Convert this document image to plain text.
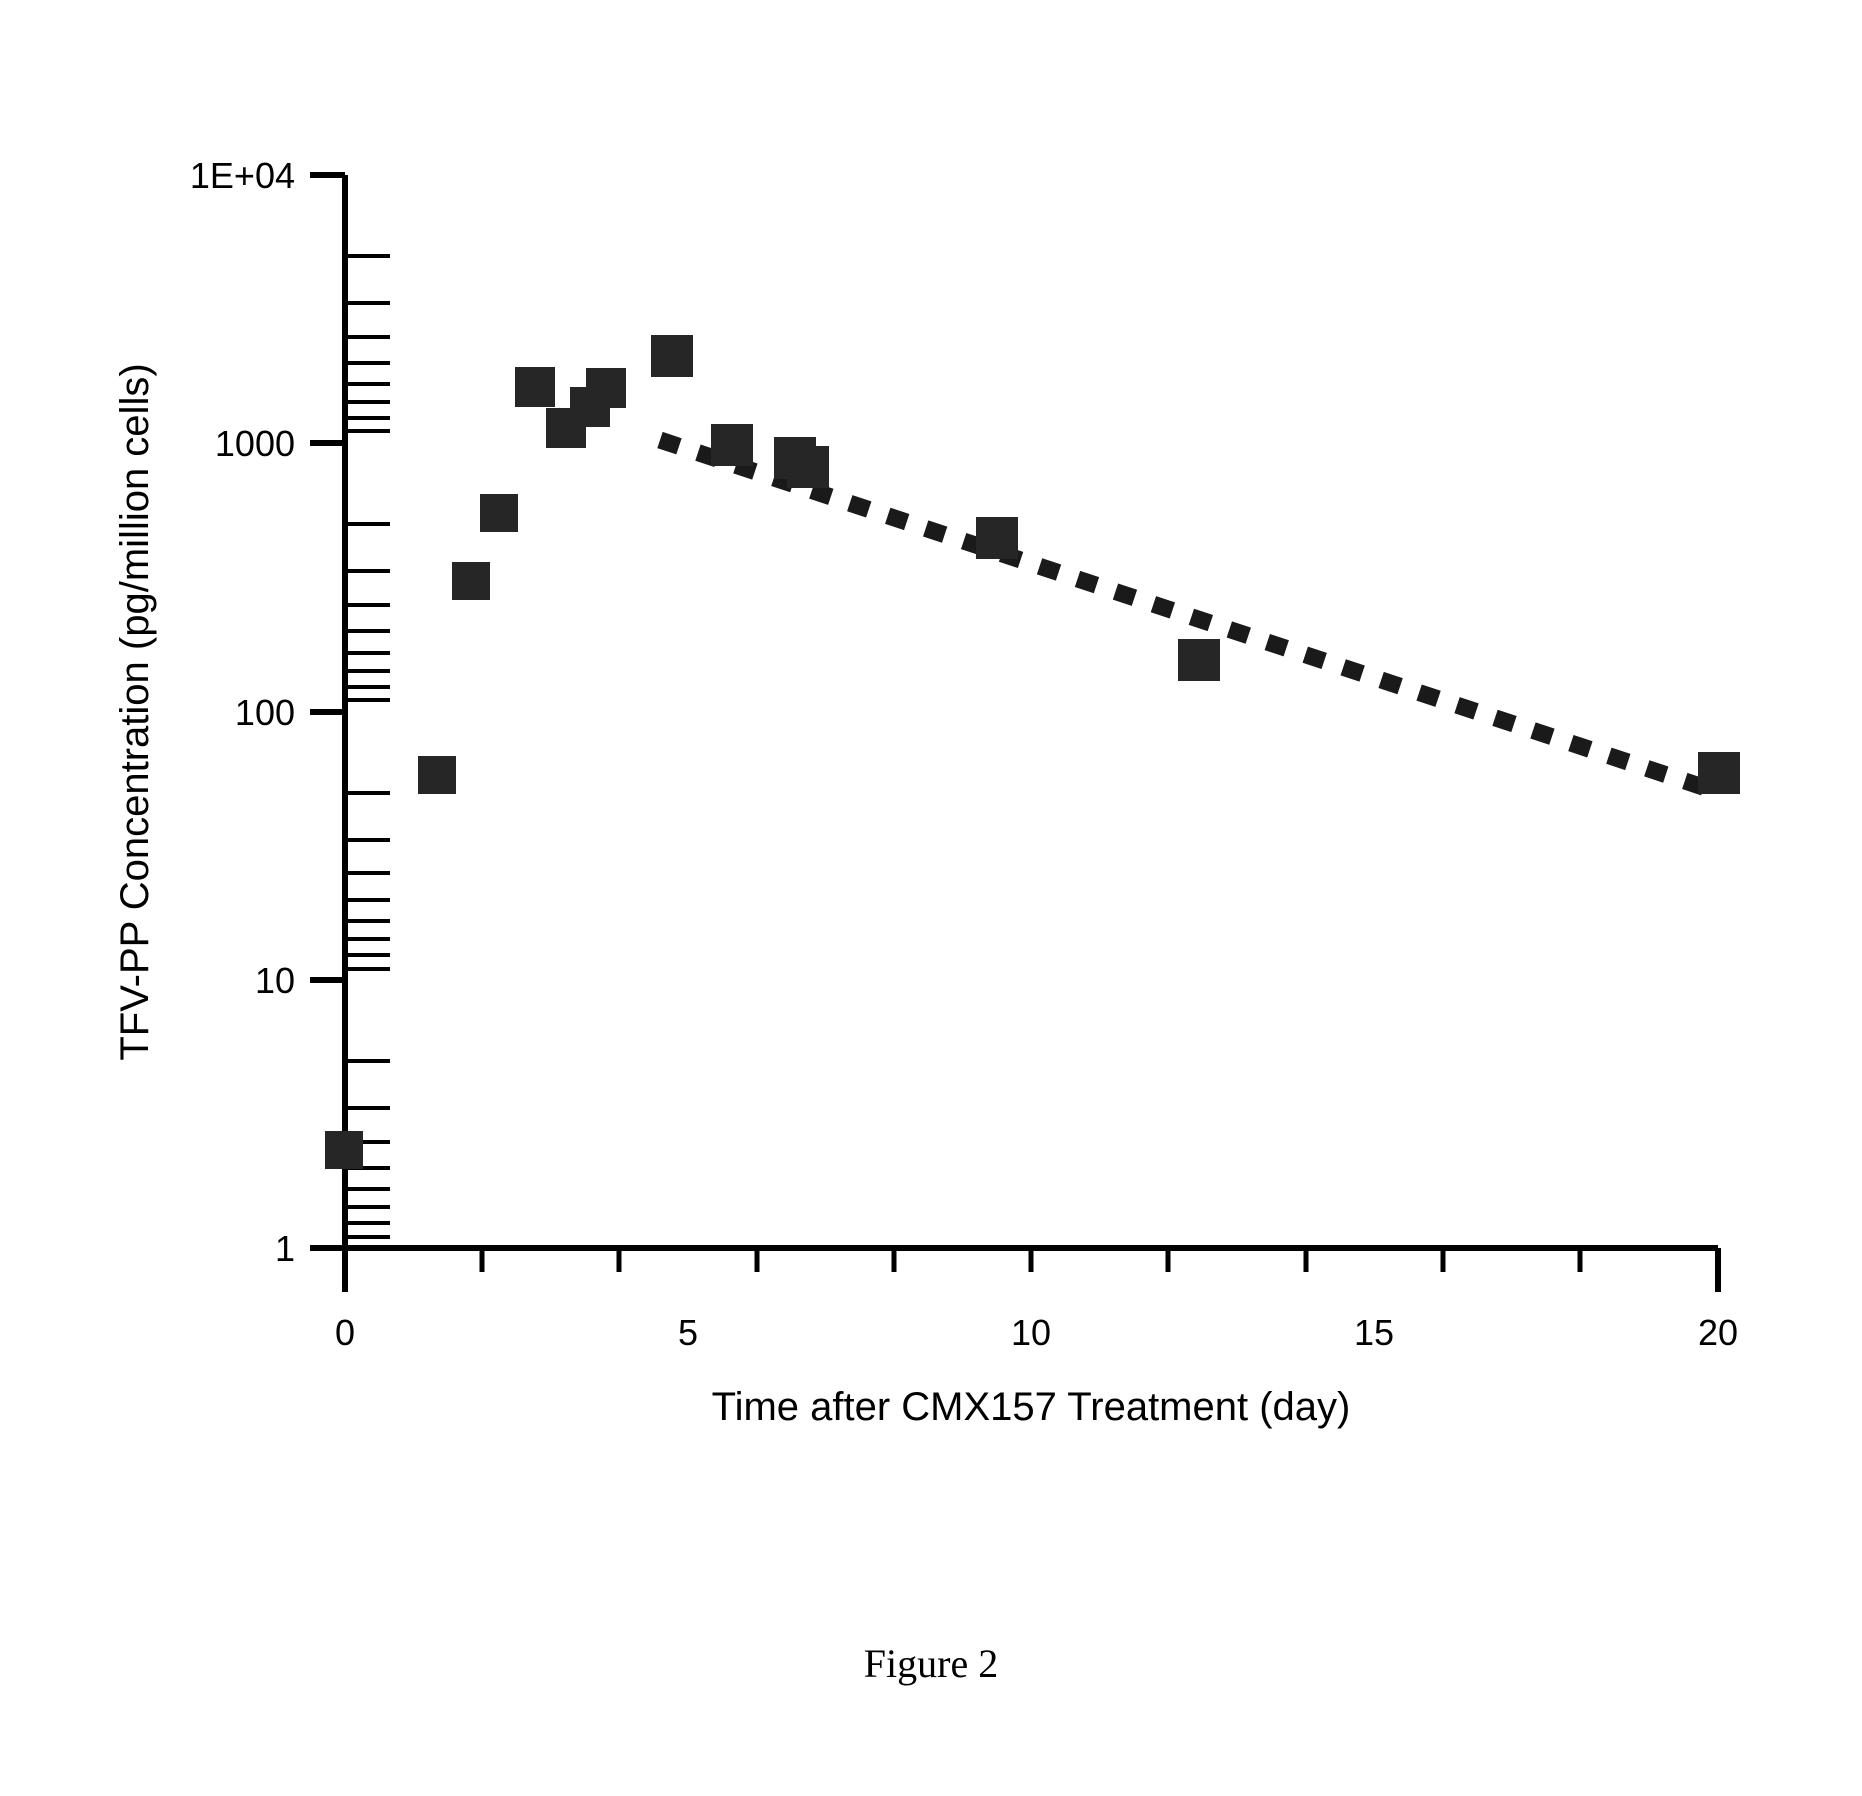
1E+04
1000
100
10
1
0	5	10	15	20
Time after CMX157 Treatment (day)
TFV-PP Concentration (pg/million cells)
Figure 2
